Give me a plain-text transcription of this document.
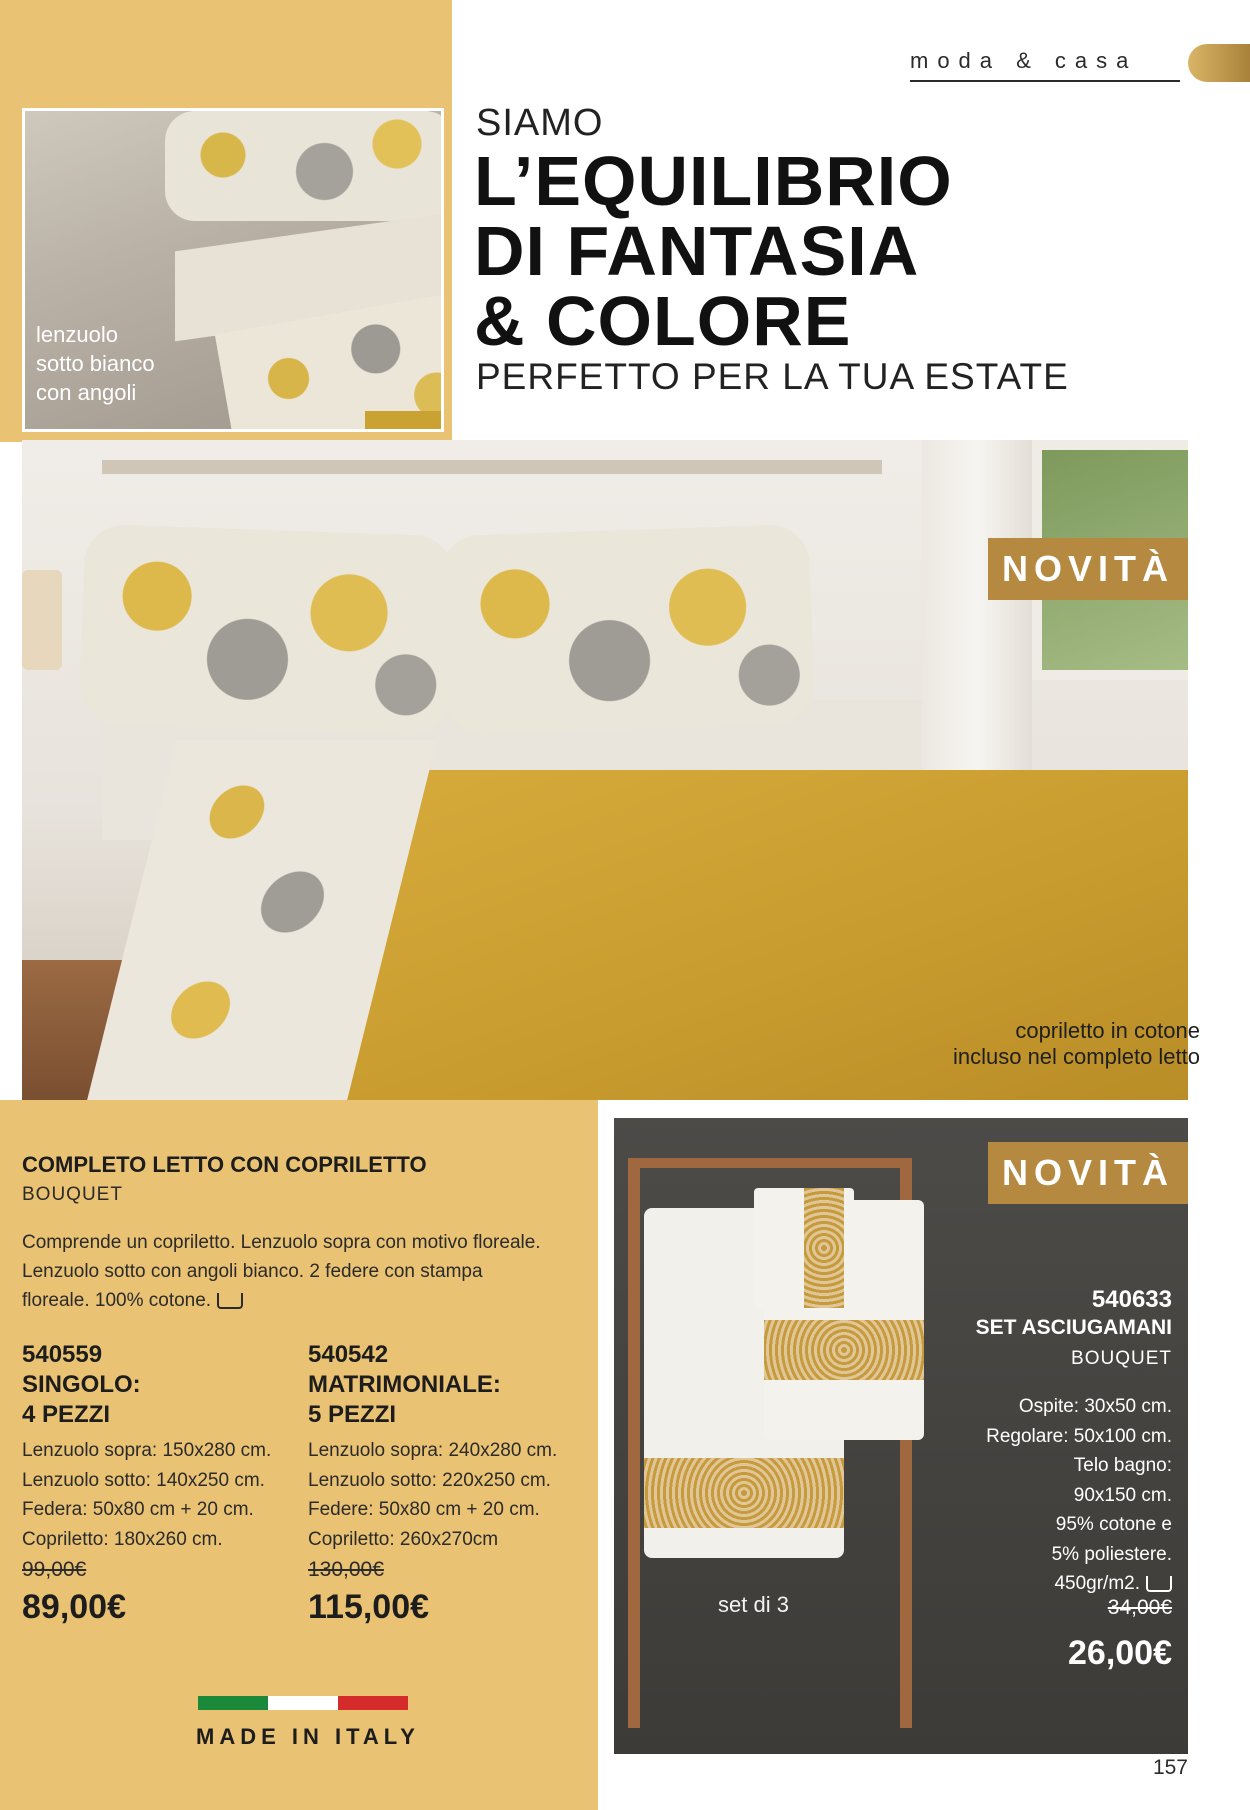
moda & casa
SIAMO
L’EQUILIBRIO
DI FANTASIA
& COLORE
PERFETTO PER LA TUA ESTATE
lenzuolo
sotto bianco
con angoli
NOVITÀ
copriletto in cotone
incluso nel completo letto
COMPLETO LETTO CON COPRILETTO
BOUQUET
Comprende un copriletto. Lenzuolo sopra con motivo floreale. Lenzuolo sotto con angoli bianco. 2 federe con stampa floreale. 100% cotone.
540559
SINGOLO:
4 PEZZI
Lenzuolo sopra: 150x280 cm.
Lenzuolo sotto: 140x250 cm.
Federa: 50x80 cm + 20 cm.
Copriletto: 180x260 cm.
99,00€
89,00€
540542
MATRIMONIALE:
5 PEZZI
Lenzuolo sopra: 240x280 cm.
Lenzuolo sotto: 220x250 cm.
Federe: 50x80 cm + 20 cm.
Copriletto: 260x270cm
130,00€
115,00€
MADE IN ITALY
NOVITÀ
set di 3
540633
SET ASCIUGAMANI
BOUQUET
Ospite: 30x50 cm.
Regolare: 50x100 cm.
Telo bagno:
90x150 cm.
95% cotone e
5% poliestere.
450gr/m2.
34,00€
26,00€
157
